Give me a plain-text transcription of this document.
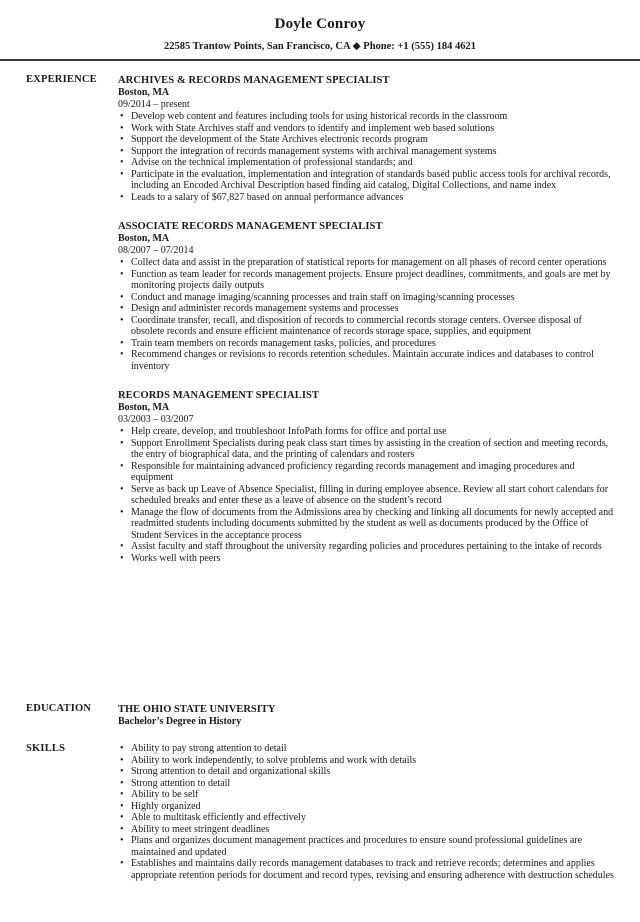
Doyle Conroy
22585 Trantow Points, San Francisco, CA ◆ Phone: +1 (555) 184 4621
EXPERIENCE ARCHIVES & RECORDS MANAGEMENT SPECIALIST
Boston, MA
09/2014 – present
• Develop web content and features including tools for using historical records in the classroom
• Work with State Archives staff and vendors to identify and implement web based solutions
• Support the development of the State Archives electronic records program
• Support the integration of records management systems with archival management systems
• Advise on the technical implementation of professional standards; and
• Participate in the evaluation, implementation and integration of standards based public access tools for archival records, including an Encoded Archival Description based finding aid catalog, Digital Collections, and name index
• Leads to a salary of $67,827 based on annual performance advances
ASSOCIATE RECORDS MANAGEMENT SPECIALIST
Boston, MA
08/2007 – 07/2014
• Collect data and assist in the preparation of statistical reports for management on all phases of record center operations
• Function as team leader for records management projects. Ensure project deadlines, commitments, and goals are met by monitoring projects daily outputs
• Conduct and manage imaging/scanning processes and train staff on imaging/scanning processes
• Design and administer records management systems and processes
• Coordinate transfer, recall, and disposition of records to commercial records storage centers. Oversee disposal of obsolete records and ensure efficient maintenance of records storage space, supplies, and equipment
• Train team members on records management tasks, policies, and procedures
• Recommend changes or revisions to records retention schedules. Maintain accurate indices and databases to control inventory
RECORDS MANAGEMENT SPECIALIST
Boston, MA
03/2003 – 03/2007
• Help create, develop, and troubleshoot InfoPath forms for office and portal use
• Support Enrollment Specialists during peak class start times by assisting in the creation of section and meeting records, the entry of biographical data, and the printing of calendars and rosters
• Responsible for maintaining advanced proficiency regarding records management and imaging procedures and equipment
• Serve as back up Leave of Absence Specialist, filling in during employee absence. Review all start cohort calendars for scheduled breaks and enter these as a leave of absence on the student’s record
• Manage the flow of documents from the Admissions area by checking and linking all documents for newly accepted and readmitted students including documents submitted by the student as well as documents produced by the Office of Student Services in the acceptance process
• Assist faculty and staff throughout the university regarding policies and procedures pertaining to the intake of records
• Works well with peers
EDUCATION	THE OHIO STATE UNIVERSITY
Bachelor’s Degree in History
SKILLS
•	Ability to pay strong attention to detail
• Ability to work independently, to solve problems and work with details
• Strong attention to detail and organizational skills
• Strong attention to detail
• Ability to be self
• Highly organized
• Able to multitask efficiently and effectively
• Ability to meet stringent deadlines
• Plans and organizes document management practices and procedures to ensure sound professional guidelines are maintained and updated
• Establishes and maintains daily records management databases to track and retrieve records; determines and applies appropriate retention periods for document and record types, revising and ensuring adherence with destruction schedules
